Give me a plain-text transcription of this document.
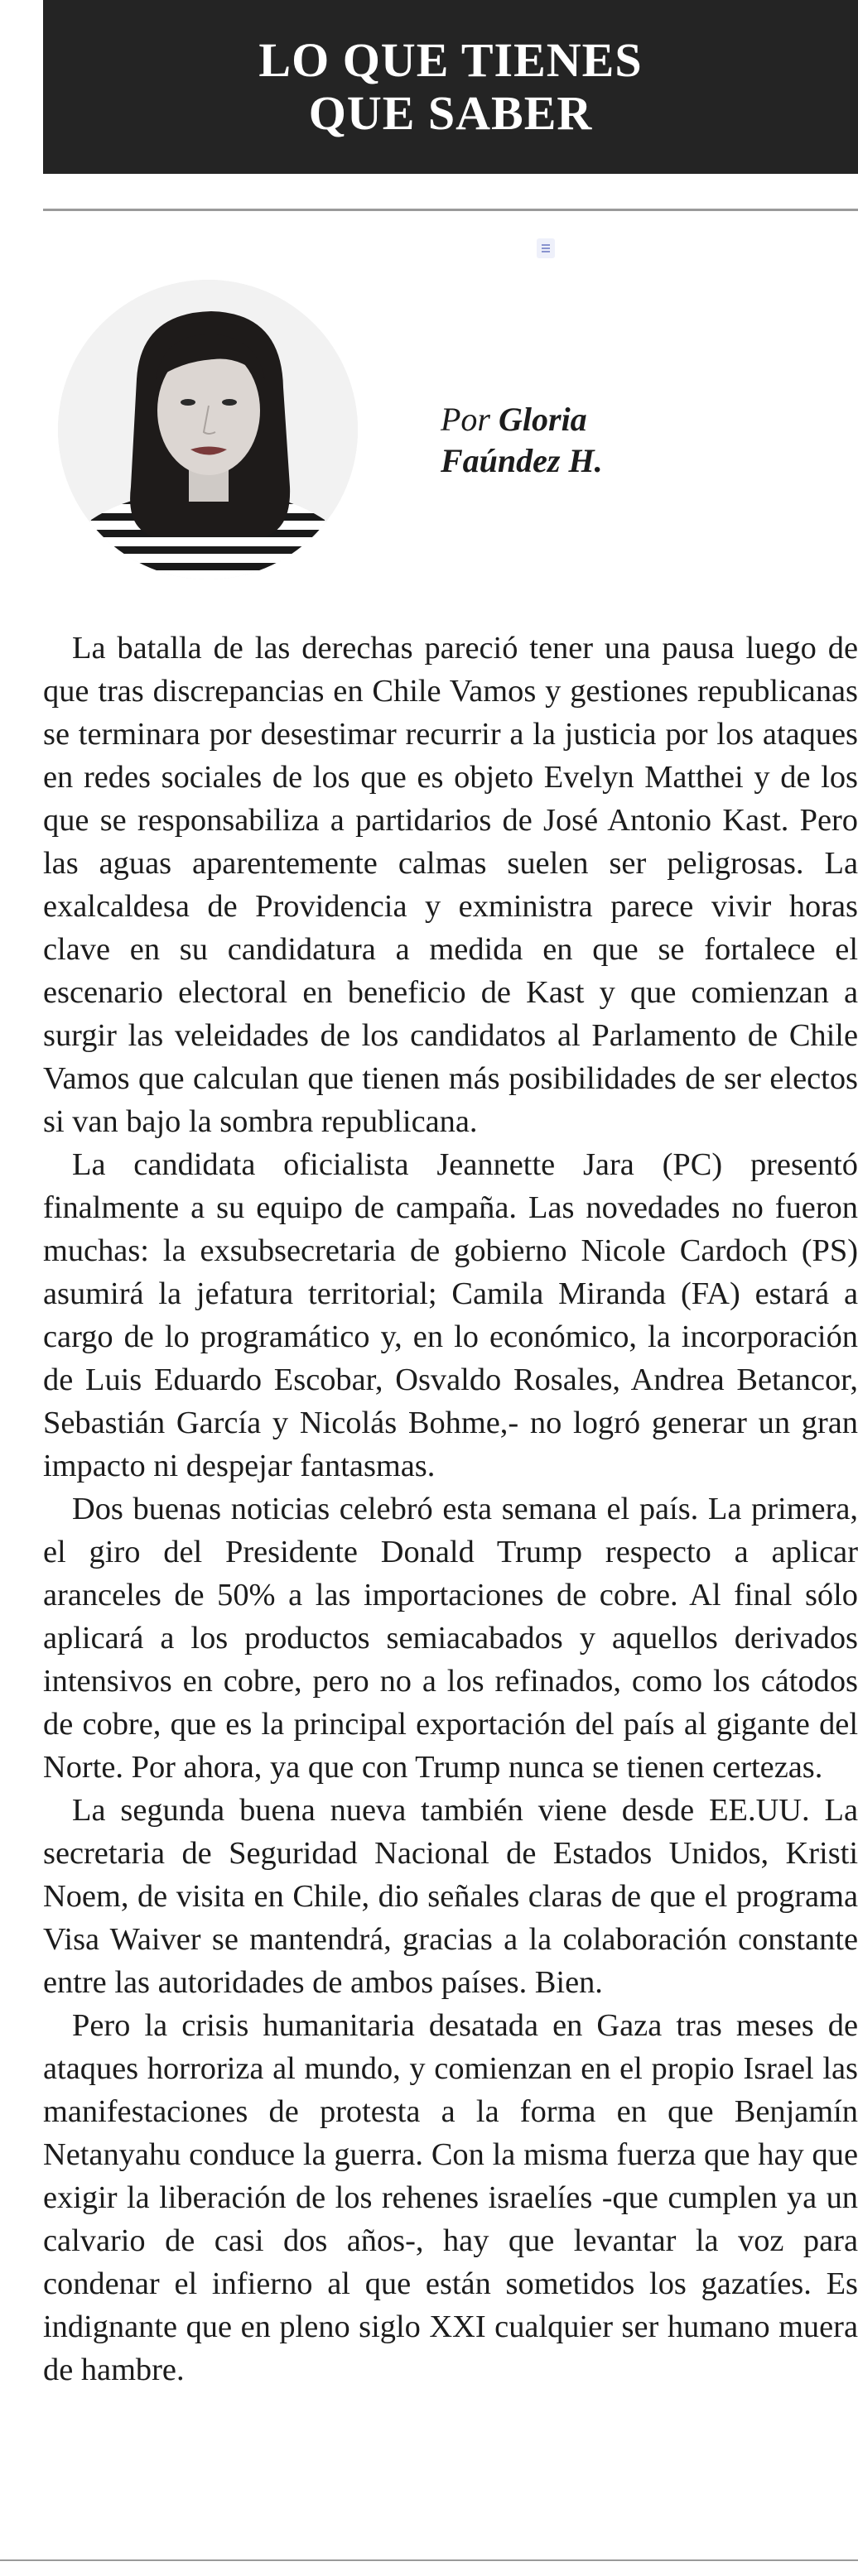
LO QUE TIENES
QUE SABER
Por Gloria
Faúndez H.

La batalla de las derechas pareció tener una pausa luego de que tras discrepancias en Chile Vamos y gestiones republicanas se terminara por desestimar recurrir a la justicia por los ataques en redes sociales de los que es objeto Evelyn Matthei y de los que se responsabiliza a partidarios de José Antonio Kast. Pero las aguas aparentemente calmas suelen ser peligrosas. La exalcaldesa de Providencia y exministra parece vivir horas clave en su candidatura a medida en que se fortalece el escenario electoral en beneficio de Kast y que comienzan a surgir las veleidades de los candidatos al Parlamento de Chile Vamos que calculan que tienen más posibilidades de ser electos si van bajo la sombra republicana.

La candidata oficialista Jeannette Jara (PC) presentó finalmente a su equipo de campaña. Las novedades no fueron muchas: la exsubsecretaria de gobierno Nicole Cardoch (PS) asumirá la jefatura territorial; Camila Miranda (FA) estará a cargo de lo programático y, en lo económico, la incorporación de Luis Eduardo Escobar, Osvaldo Rosales, Andrea Betancor, Sebastián García y Nicolás Bohme,- no logró generar un gran impacto ni despejar fantasmas.

Dos buenas noticias celebró esta semana el país. La primera, el giro del Presidente Donald Trump respecto a aplicar aranceles de 50% a las importaciones de cobre. Al final sólo aplicará a los productos semiacabados y aquellos derivados intensivos en cobre, pero no a los refinados, como los cátodos de cobre, que es la principal exportación del país al gigante del Norte. Por ahora, ya que con Trump nunca se tienen certezas.

La segunda buena nueva también viene desde EE.UU. La secretaria de Seguridad Nacional de Estados Unidos, Kristi Noem, de visita en Chile, dio señales claras de que el programa Visa Waiver se mantendrá, gracias a la colaboración constante entre las autoridades de ambos países. Bien.

Pero la crisis humanitaria desatada en Gaza tras meses de ataques horroriza al mundo, y comienzan en el propio Israel las manifestaciones de protesta a la forma en que Benjamín Netanyahu conduce la guerra. Con la misma fuerza que hay que exigir la liberación de los rehenes israelíes -que cumplen ya un calvario de casi dos años-, hay que levantar la voz para condenar el infierno al que están sometidos los gazatíes. Es indignante que en pleno siglo XXI cualquier ser humano muera de hambre.
